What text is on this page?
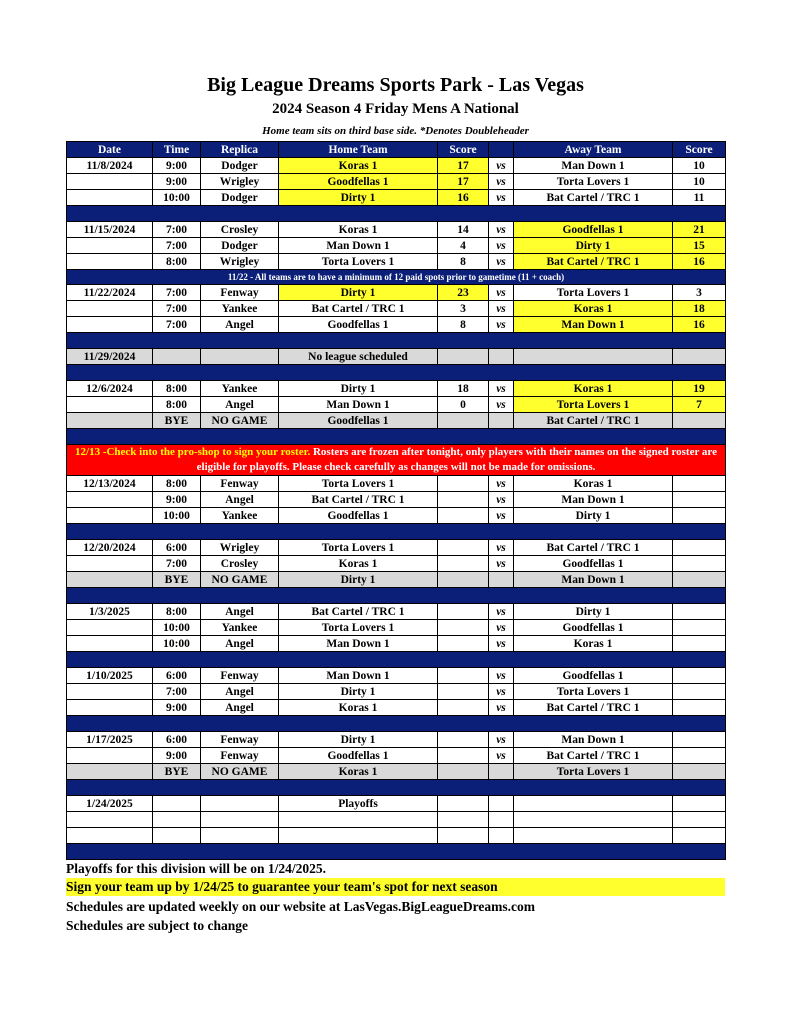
Big League Dreams Sports Park - Las Vegas
2024 Season 4 Friday Mens A National
Home team sits on third base side. *Denotes Doubleheader
Date	Time	Replica	Home Team	Score		Away Team	Score
11/8/2024	9:00	Dodger	Koras 1	17	vs	Man Down 1	10
	9:00	Wrigley	Goodfellas 1	17	vs	Torta Lovers 1	10
	10:00	Dodger	Dirty 1	16	vs	Bat Cartel / TRC 1	11

11/15/2024	7:00	Crosley	Koras 1	14	vs	Goodfellas 1	21
	7:00	Dodger	Man Down 1	4	vs	Dirty 1	15
	8:00	Wrigley	Torta Lovers 1	8	vs	Bat Cartel / TRC 1	16
11/22 - All teams are to have a minimum of 12 paid spots prior to gametime (11 + coach)							
11/22/2024	7:00	Fenway	Dirty 1	23	vs	Torta Lovers 1	3
	7:00	Yankee	Bat Cartel / TRC 1	3	vs	Koras 1	18
	7:00	Angel	Goodfellas 1	8	vs	Man Down 1	16

11/29/2024			No league scheduled				

12/6/2024	8:00	Yankee	Dirty 1	18	vs	Koras 1	19
	8:00	Angel	Man Down 1	0	vs	Torta Lovers 1	7
	BYE	NO GAME	Goodfellas 1			Bat Cartel / TRC 1	

12/13 -Check into the pro-shop to sign your roster. Rosters are frozen after tonight, only players with their names on the signed roster are eligible for playoffs. Please check carefully as changes will not be made for omissions.							
12/13/2024	8:00	Fenway	Torta Lovers 1		vs	Koras 1	
	9:00	Angel	Bat Cartel / TRC 1		vs	Man Down 1	
	10:00	Yankee	Goodfellas 1		vs	Dirty 1	

12/20/2024	6:00	Wrigley	Torta Lovers 1		vs	Bat Cartel / TRC 1	
	7:00	Crosley	Koras 1		vs	Goodfellas 1	
	BYE	NO GAME	Dirty 1			Man Down 1	

1/3/2025	8:00	Angel	Bat Cartel / TRC 1		vs	Dirty 1	
	10:00	Yankee	Torta Lovers 1		vs	Goodfellas 1	
	10:00	Angel	Man Down 1		vs	Koras 1	

1/10/2025	6:00	Fenway	Man Down 1		vs	Goodfellas 1	
	7:00	Angel	Dirty 1		vs	Torta Lovers 1	
	9:00	Angel	Koras 1		vs	Bat Cartel / TRC 1	

1/17/2025	6:00	Fenway	Dirty 1		vs	Man Down 1	
	9:00	Fenway	Goodfellas 1		vs	Bat Cartel / TRC 1	
	BYE	NO GAME	Koras 1			Torta Lovers 1	

1/24/2025			Playoffs				

Playoffs for this division will be on 1/24/2025.
Sign your team up by 1/24/25 to guarantee your team's spot for next season
Schedules are updated weekly on our website at LasVegas.BigLeagueDreams.com
Schedules are subject to change
